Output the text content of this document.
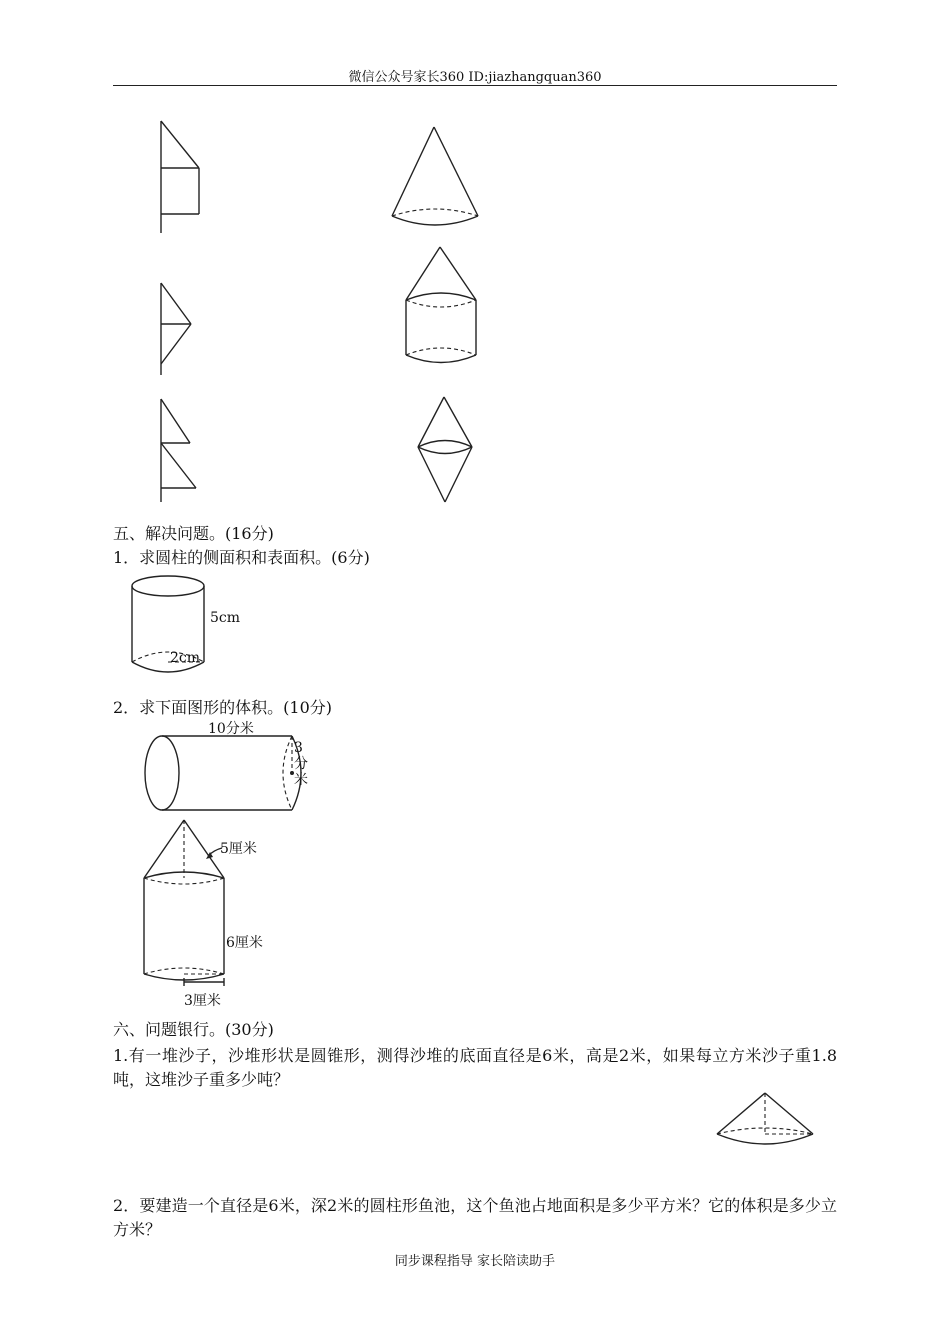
微信公众号家长360 ID:jiazhangquan360
五、解决问题。(16分)
1．求圆柱的侧面积和表面积。(6分)
5cm
2cm
2．求下面图形的体积。(10分)
10分米
3分米
5厘米
6厘米
3厘米
六、问题银行。(30分)
1.有一堆沙子，沙堆形状是圆锥形，测得沙堆的底面直径是6米，高是2米，如果每立方米沙子重1.8吨，这堆沙子重多少吨？
2．要建造一个直径是6米，深2米的圆柱形鱼池，这个鱼池占地面积是多少平方米？它的体积是多少立方米？
同步课程指导 家长陪读助手
